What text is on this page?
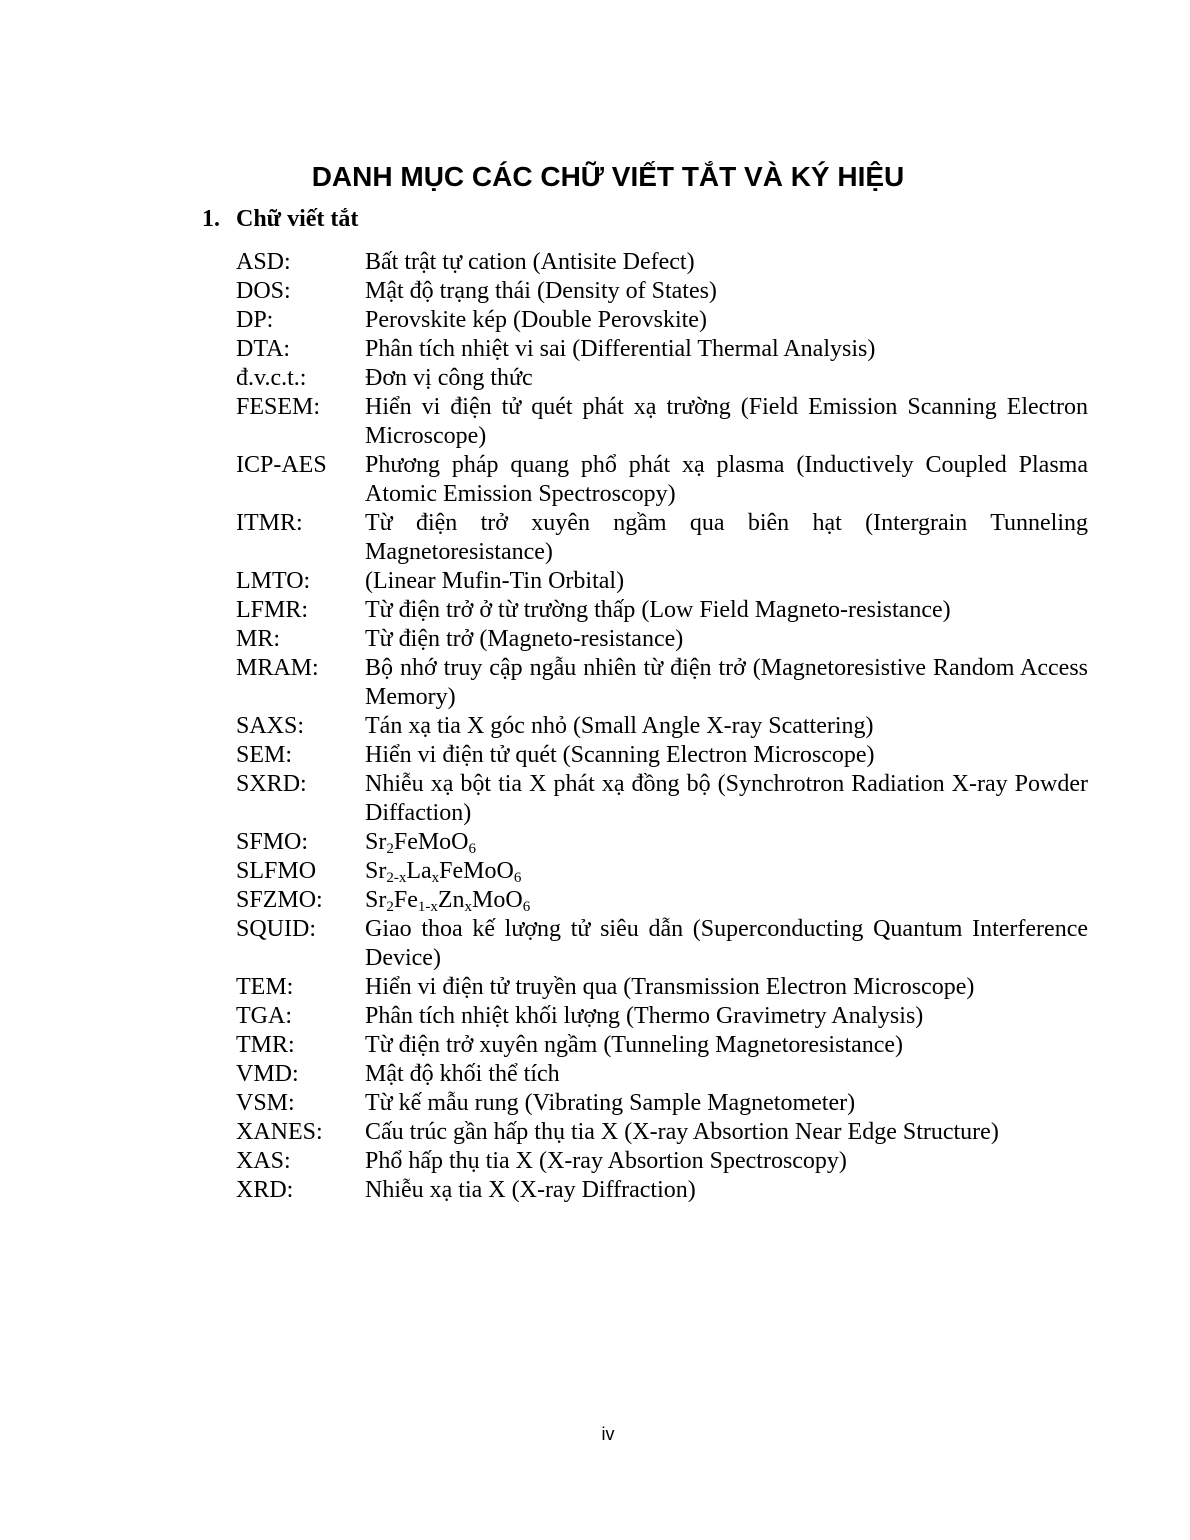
DANH MỤC CÁC CHỮ VIẾT TẮT VÀ KÝ HIỆU
1. Chữ viết tắt
ASD:	Bất trật tự cation (Antisite Defect)
DOS:	Mật độ trạng thái (Density of States)
DP:	Perovskite kép (Double Perovskite)
DTA:	Phân tích nhiệt vi sai (Differential Thermal Analysis)
đ.v.c.t.:	Đơn vị công thức
FESEM:	Hiển vi điện tử quét phát xạ trường (Field Emission Scanning Electron Microscope)
ICP-AES	Phương pháp quang phổ phát xạ plasma (Inductively Coupled Plasma Atomic Emission Spectroscopy)
ITMR:	Từ điện trở xuyên ngầm qua biên hạt (Intergrain Tunneling Magnetoresistance)
LMTO:	(Linear Mufin-Tin Orbital)
LFMR:	Từ điện trở ở từ trường thấp (Low Field Magneto-resistance)
MR:	Từ điện trở (Magneto-resistance)
MRAM:	Bộ nhớ truy cập ngẫu nhiên từ điện trở (Magnetoresistive Random Access Memory)
SAXS:	Tán xạ tia X góc nhỏ (Small Angle X-ray Scattering)
SEM:	Hiển vi điện tử quét (Scanning Electron Microscope)
SXRD:	Nhiễu xạ bột tia X phát xạ đồng bộ (Synchrotron Radiation X-ray Powder Diffaction)
SFMO:	$Sr_2FeMoO_6$
SLFMO	$Sr_{2-x}La_xFeMoO_6$
SFZMO:	$Sr_2Fe_{1-x}Zn_xMoO_6$
SQUID:	Giao thoa kế lượng tử siêu dẫn (Superconducting Quantum Interference Device)
TEM:	Hiển vi điện tử truyền qua (Transmission Electron Microscope)
TGA:	Phân tích nhiệt khối lượng (Thermo Gravimetry Analysis)
TMR:	Từ điện trở xuyên ngầm (Tunneling Magnetoresistance)
VMD:	Mật độ khối thể tích
VSM:	Từ kế mẫu rung (Vibrating Sample Magnetometer)
XANES:	Cấu trúc gần hấp thụ tia X (X-ray Absortion Near Edge Structure)
XAS:	Phổ hấp thụ tia X (X-ray Absortion Spectroscopy)
XRD:	Nhiễu xạ tia X (X-ray Diffraction)
iv
